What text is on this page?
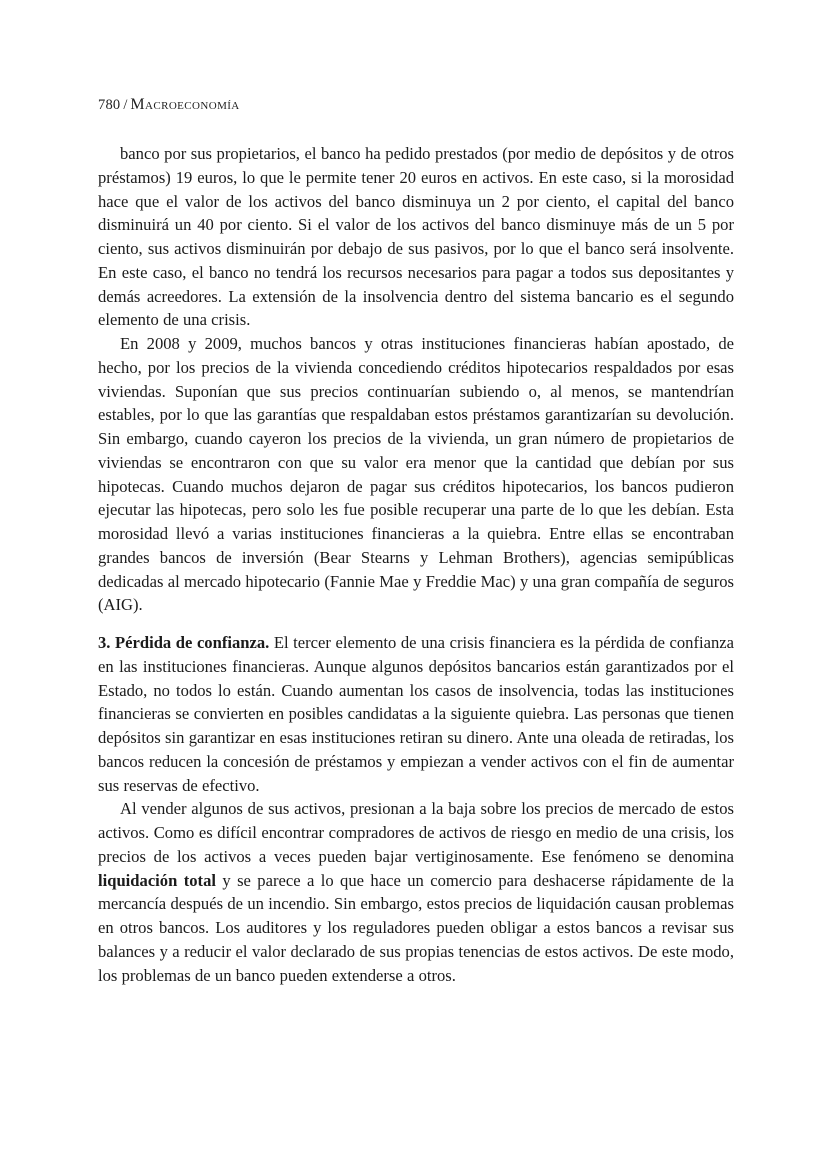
780 / Macroeconomía

banco por sus propietarios, el banco ha pedido prestados (por medio de depósitos y de otros préstamos) 19 euros, lo que le permite tener 20 euros en activos. En este caso, si la morosidad hace que el valor de los activos del banco disminuya un 2 por ciento, el capital del banco disminuirá un 40 por ciento. Si el valor de los activos del banco disminuye más de un 5 por ciento, sus activos disminuirán por debajo de sus pasivos, por lo que el banco será insolvente. En este caso, el banco no tendrá los recursos necesarios para pagar a todos sus depositantes y demás acreedores. La extensión de la insolvencia dentro del sistema bancario es el segundo elemento de una crisis.

En 2008 y 2009, muchos bancos y otras instituciones financieras habían apostado, de hecho, por los precios de la vivienda concediendo créditos hipotecarios respaldados por esas viviendas. Suponían que sus precios continuarían subiendo o, al menos, se mantendrían estables, por lo que las garantías que respaldaban estos préstamos garantizarían su devolución. Sin embargo, cuando cayeron los precios de la vivienda, un gran número de propietarios de viviendas se encontraron con que su valor era menor que la cantidad que debían por sus hipotecas. Cuando muchos dejaron de pagar sus créditos hipotecarios, los bancos pudieron ejecutar las hipotecas, pero solo les fue posible recuperar una parte de lo que les debían. Esta morosidad llevó a varias instituciones financieras a la quiebra. Entre ellas se encontraban grandes bancos de inversión (Bear Stearns y Lehman Brothers), agencias semipúblicas dedicadas al mercado hipotecario (Fannie Mae y Freddie Mac) y una gran compañía de seguros (AIG).

3. Pérdida de confianza. El tercer elemento de una crisis financiera es la pérdida de confianza en las instituciones financieras. Aunque algunos depósitos bancarios están garantizados por el Estado, no todos lo están. Cuando aumentan los casos de insolvencia, todas las instituciones financieras se convierten en posibles candidatas a la siguiente quiebra. Las personas que tienen depósitos sin garantizar en esas instituciones retiran su dinero. Ante una oleada de retiradas, los bancos reducen la concesión de préstamos y empiezan a vender activos con el fin de aumentar sus reservas de efectivo.

Al vender algunos de sus activos, presionan a la baja sobre los precios de mercado de estos activos. Como es difícil encontrar compradores de activos de riesgo en medio de una crisis, los precios de los activos a veces pueden bajar vertiginosamente. Ese fenómeno se denomina liquidación total y se parece a lo que hace un comercio para deshacerse rápidamente de la mercancía después de un incendio. Sin embargo, estos precios de liquidación causan problemas en otros bancos. Los auditores y los reguladores pueden obligar a estos bancos a revisar sus balances y a reducir el valor declarado de sus propias tenencias de estos activos. De este modo, los problemas de un banco pueden extenderse a otros.
